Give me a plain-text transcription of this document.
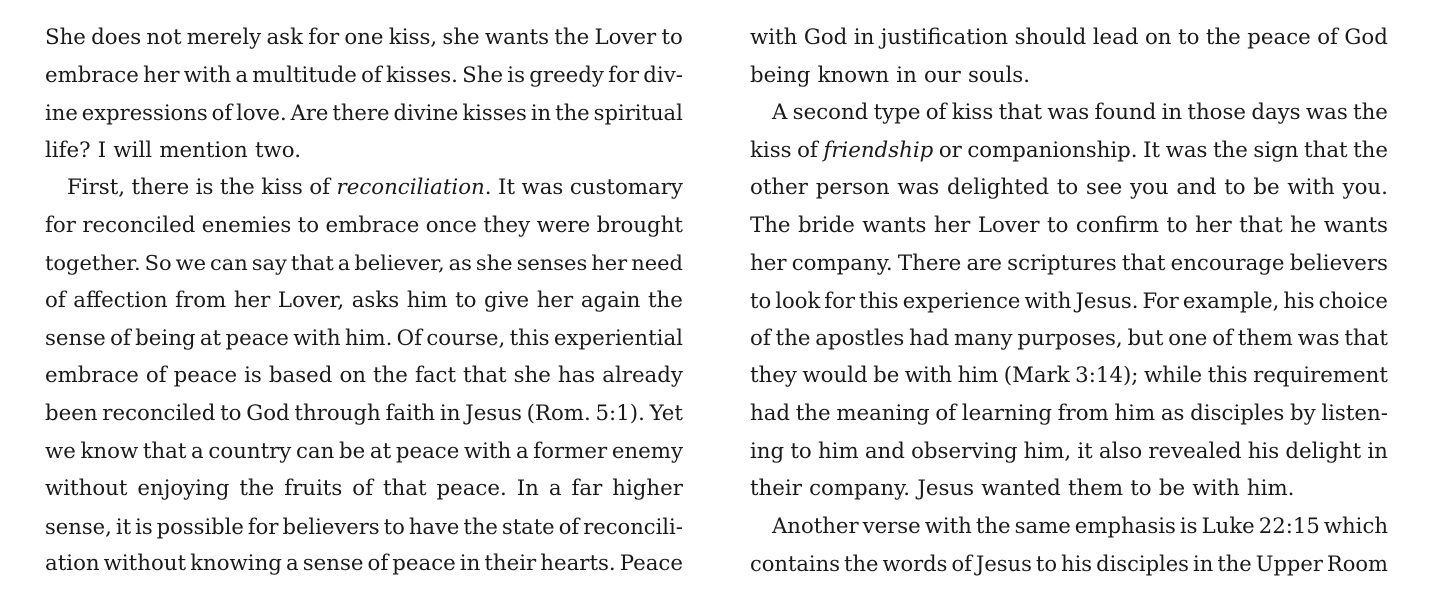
She does not merely ask for one kiss, she wants the Lover to
embrace her with a multitude of kisses. She is greedy for div-
ine expressions of love. Are there divine kisses in the spiritual
life? I will mention two.
First, there is the kiss of reconciliation. It was customary
for reconciled enemies to embrace once they were brought
together. So we can say that a believer, as she senses her need
of affection from her Lover, asks him to give her again the
sense of being at peace with him. Of course, this experiential
embrace of peace is based on the fact that she has already
been reconciled to God through faith in Jesus (Rom. 5:1). Yet
we know that a country can be at peace with a former enemy
without enjoying the fruits of that peace. In a far higher
sense, it is possible for believers to have the state of reconcili-
ation without knowing a sense of peace in their hearts. Peace
with God in justification should lead on to the peace of God
being known in our souls.
A second type of kiss that was found in those days was the
kiss of friendship or companionship. It was the sign that the
other person was delighted to see you and to be with you.
The bride wants her Lover to confirm to her that he wants
her company. There are scriptures that encourage believers
to look for this experience with Jesus. For example, his choice
of the apostles had many purposes, but one of them was that
they would be with him (Mark 3:14); while this requirement
had the meaning of learning from him as disciples by listen-
ing to him and observing him, it also revealed his delight in
their company. Jesus wanted them to be with him.
Another verse with the same emphasis is Luke 22:15 which
contains the words of Jesus to his disciples in the Upper Room
